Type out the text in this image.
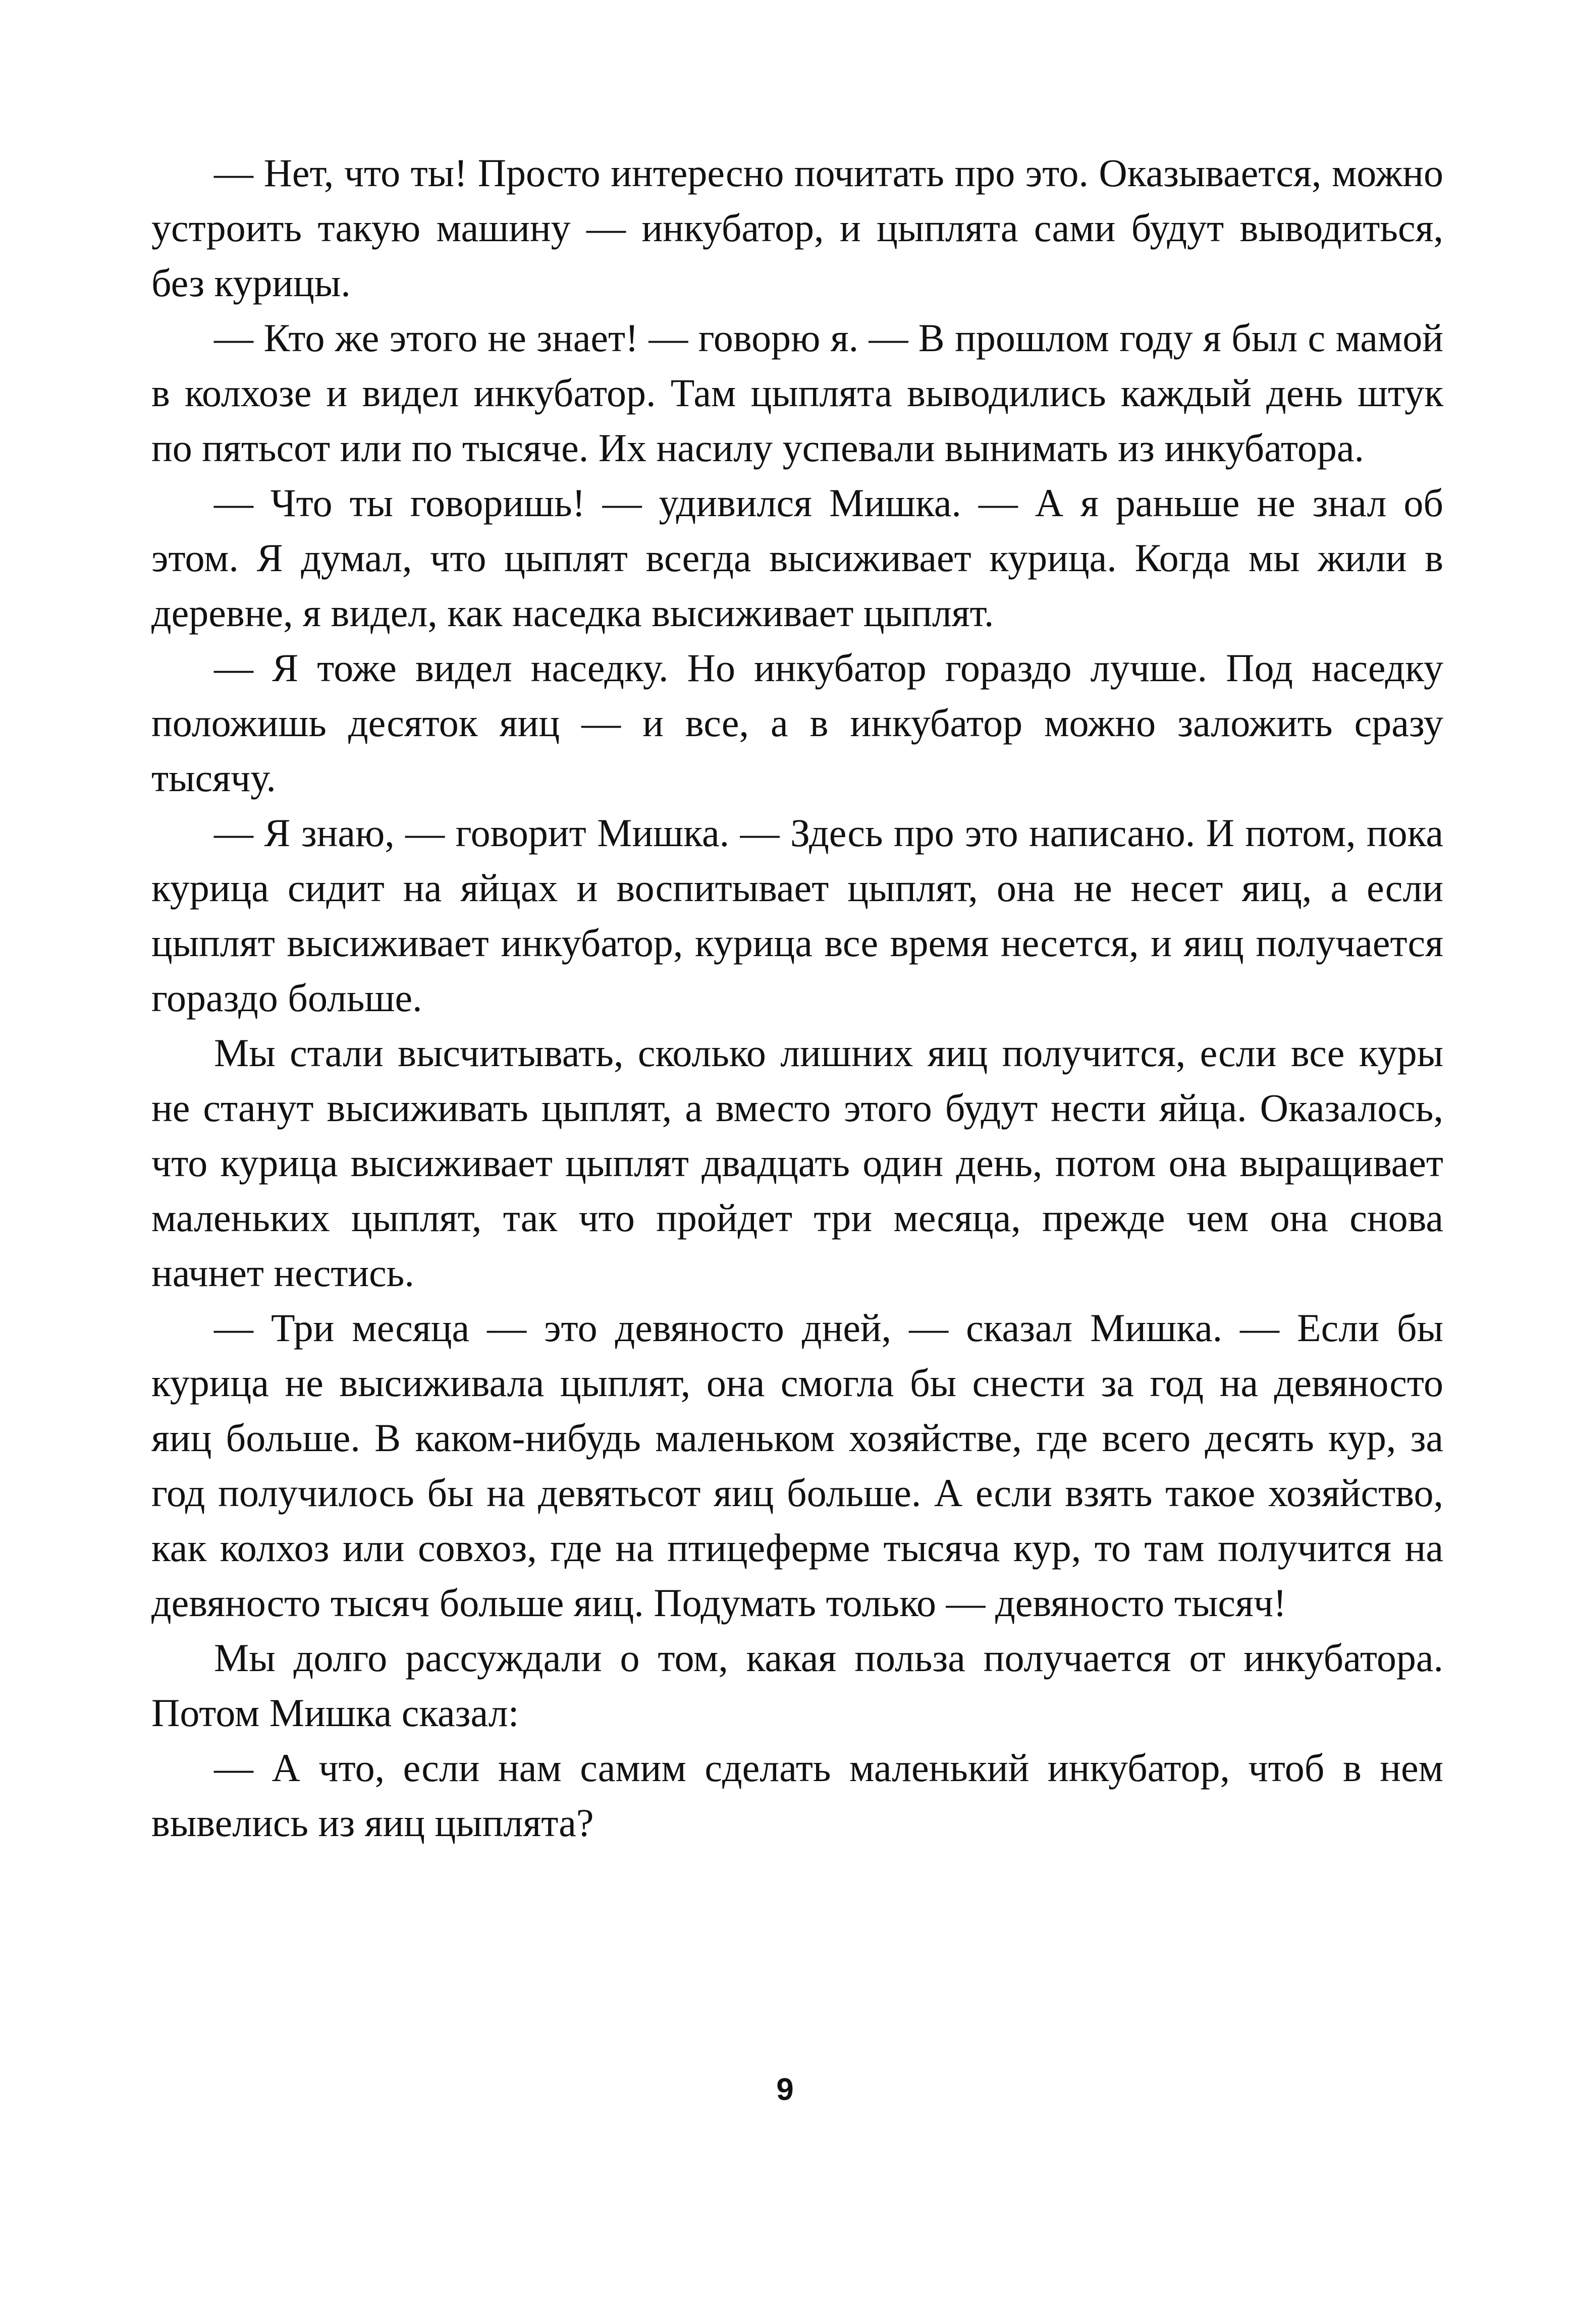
— Нет, что ты! Просто интересно почитать про это. Оказывается, можно устроить такую машину — инкубатор, и цыплята сами будут выводиться, без курицы.

— Кто же этого не знает! — говорю я. — В прошлом году я был с мамой в колхозе и видел инкубатор. Там цыплята выводились каждый день штук по пятьсот или по тысяче. Их насилу успевали вынимать из инкубатора.

— Что ты говоришь! — удивился Мишка. — А я раньше не знал об этом. Я думал, что цыплят всегда высиживает курица. Когда мы жили в деревне, я видел, как наседка высиживает цыплят.

— Я тоже видел наседку. Но инкубатор гораздо лучше. Под наседку положишь десяток яиц — и все, а в инкубатор можно заложить сразу тысячу.

— Я знаю, — говорит Мишка. — Здесь про это написано. И потом, пока курица сидит на яйцах и воспитывает цыплят, она не несет яиц, а если цыплят высиживает инкубатор, курица все время несется, и яиц получается гораздо больше.

Мы стали высчитывать, сколько лишних яиц получится, если все куры не станут высиживать цыплят, а вместо этого будут нести яйца. Оказалось, что курица высиживает цыплят двадцать один день, потом она выращивает маленьких цыплят, так что пройдет три месяца, прежде чем она снова начнет нестись.

— Три месяца — это девяносто дней, — сказал Мишка. — Если бы курица не высиживала цыплят, она смогла бы снести за год на девяносто яиц больше. В каком-нибудь маленьком хозяйстве, где всего десять кур, за год получилось бы на девятьсот яиц больше. А если взять такое хозяйство, как колхоз или совхоз, где на птицеферме тысяча кур, то там получится на девяносто тысяч больше яиц. Подумать только — девяносто тысяч!

Мы долго рассуждали о том, какая польза получается от инкубатора. Потом Мишка сказал:

— А что, если нам самим сделать маленький инкубатор, чтоб в нем вывелись из яиц цыплята?

9
